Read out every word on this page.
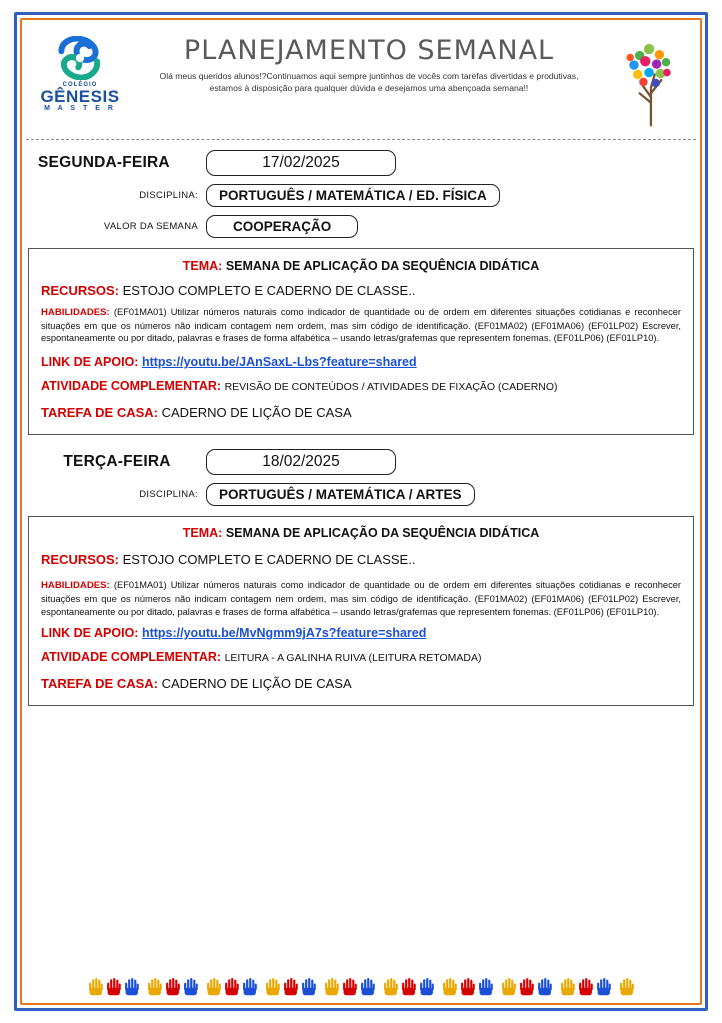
COLÉGIO
GÊNESIS
M A S T E R
PLANEJAMENTO SEMANAL
Olá meus queridos alunos!?Continuamos aqui sempre juntinhos de vocês com tarefas divertidas e produtivas, estamos à disposição para qualquer dúvida e desejamos uma abençoada semana!!
SEGUNDA-FEIRA	17/02/2025
DISCIPLINA:	PORTUGUÊS / MATEMÁTICA / ED. FÍSICA
VALOR DA SEMANA	COOPERAÇÃO
TEMA: SEMANA DE APLICAÇÃO DA SEQUÊNCIA DIDÁTICA
RECURSOS: ESTOJO COMPLETO E CADERNO DE CLASSE..
HABILIDADES: (EF01MA01) Utilizar números naturais como indicador de quantidade ou de ordem em diferentes situações cotidianas e reconhecer situações em que os números não indicam contagem nem ordem, mas sim código de identificação. (EF01MA02) (EF01MA06) (EF01LP02) Escrever, espontaneamente ou por ditado, palavras e frases de forma alfabética – usando letras/grafemas que representem fonemas. (EF01LP06) (EF01LP10).
LINK DE APOIO: https://youtu.be/JAnSaxL-Lbs?feature=shared
ATIVIDADE COMPLEMENTAR: REVISÃO DE CONTEÚDOS / ATIVIDADES DE FIXAÇÃO (CADERNO)
TAREFA DE CASA: CADERNO DE LIÇÃO DE CASA
TERÇA-FEIRA	18/02/2025
DISCIPLINA:	PORTUGUÊS / MATEMÁTICA / ARTES
TEMA: SEMANA DE APLICAÇÃO DA SEQUÊNCIA DIDÁTICA
RECURSOS: ESTOJO COMPLETO E CADERNO DE CLASSE..
HABILIDADES: (EF01MA01) Utilizar números naturais como indicador de quantidade ou de ordem em diferentes situações cotidianas e reconhecer situações em que os números não indicam contagem nem ordem, mas sim código de identificação. (EF01MA02) (EF01MA06) (EF01LP02) Escrever, espontaneamente ou por ditado, palavras e frases de forma alfabética – usando letras/grafemas que representem fonemas. (EF01LP06) (EF01LP10).
LINK DE APOIO: https://youtu.be/MvNgmm9jA7s?feature=shared
ATIVIDADE COMPLEMENTAR: LEITURA - A GALINHA RUIVA (LEITURA RETOMADA)
TAREFA DE CASA: CADERNO DE LIÇÃO DE CASA
